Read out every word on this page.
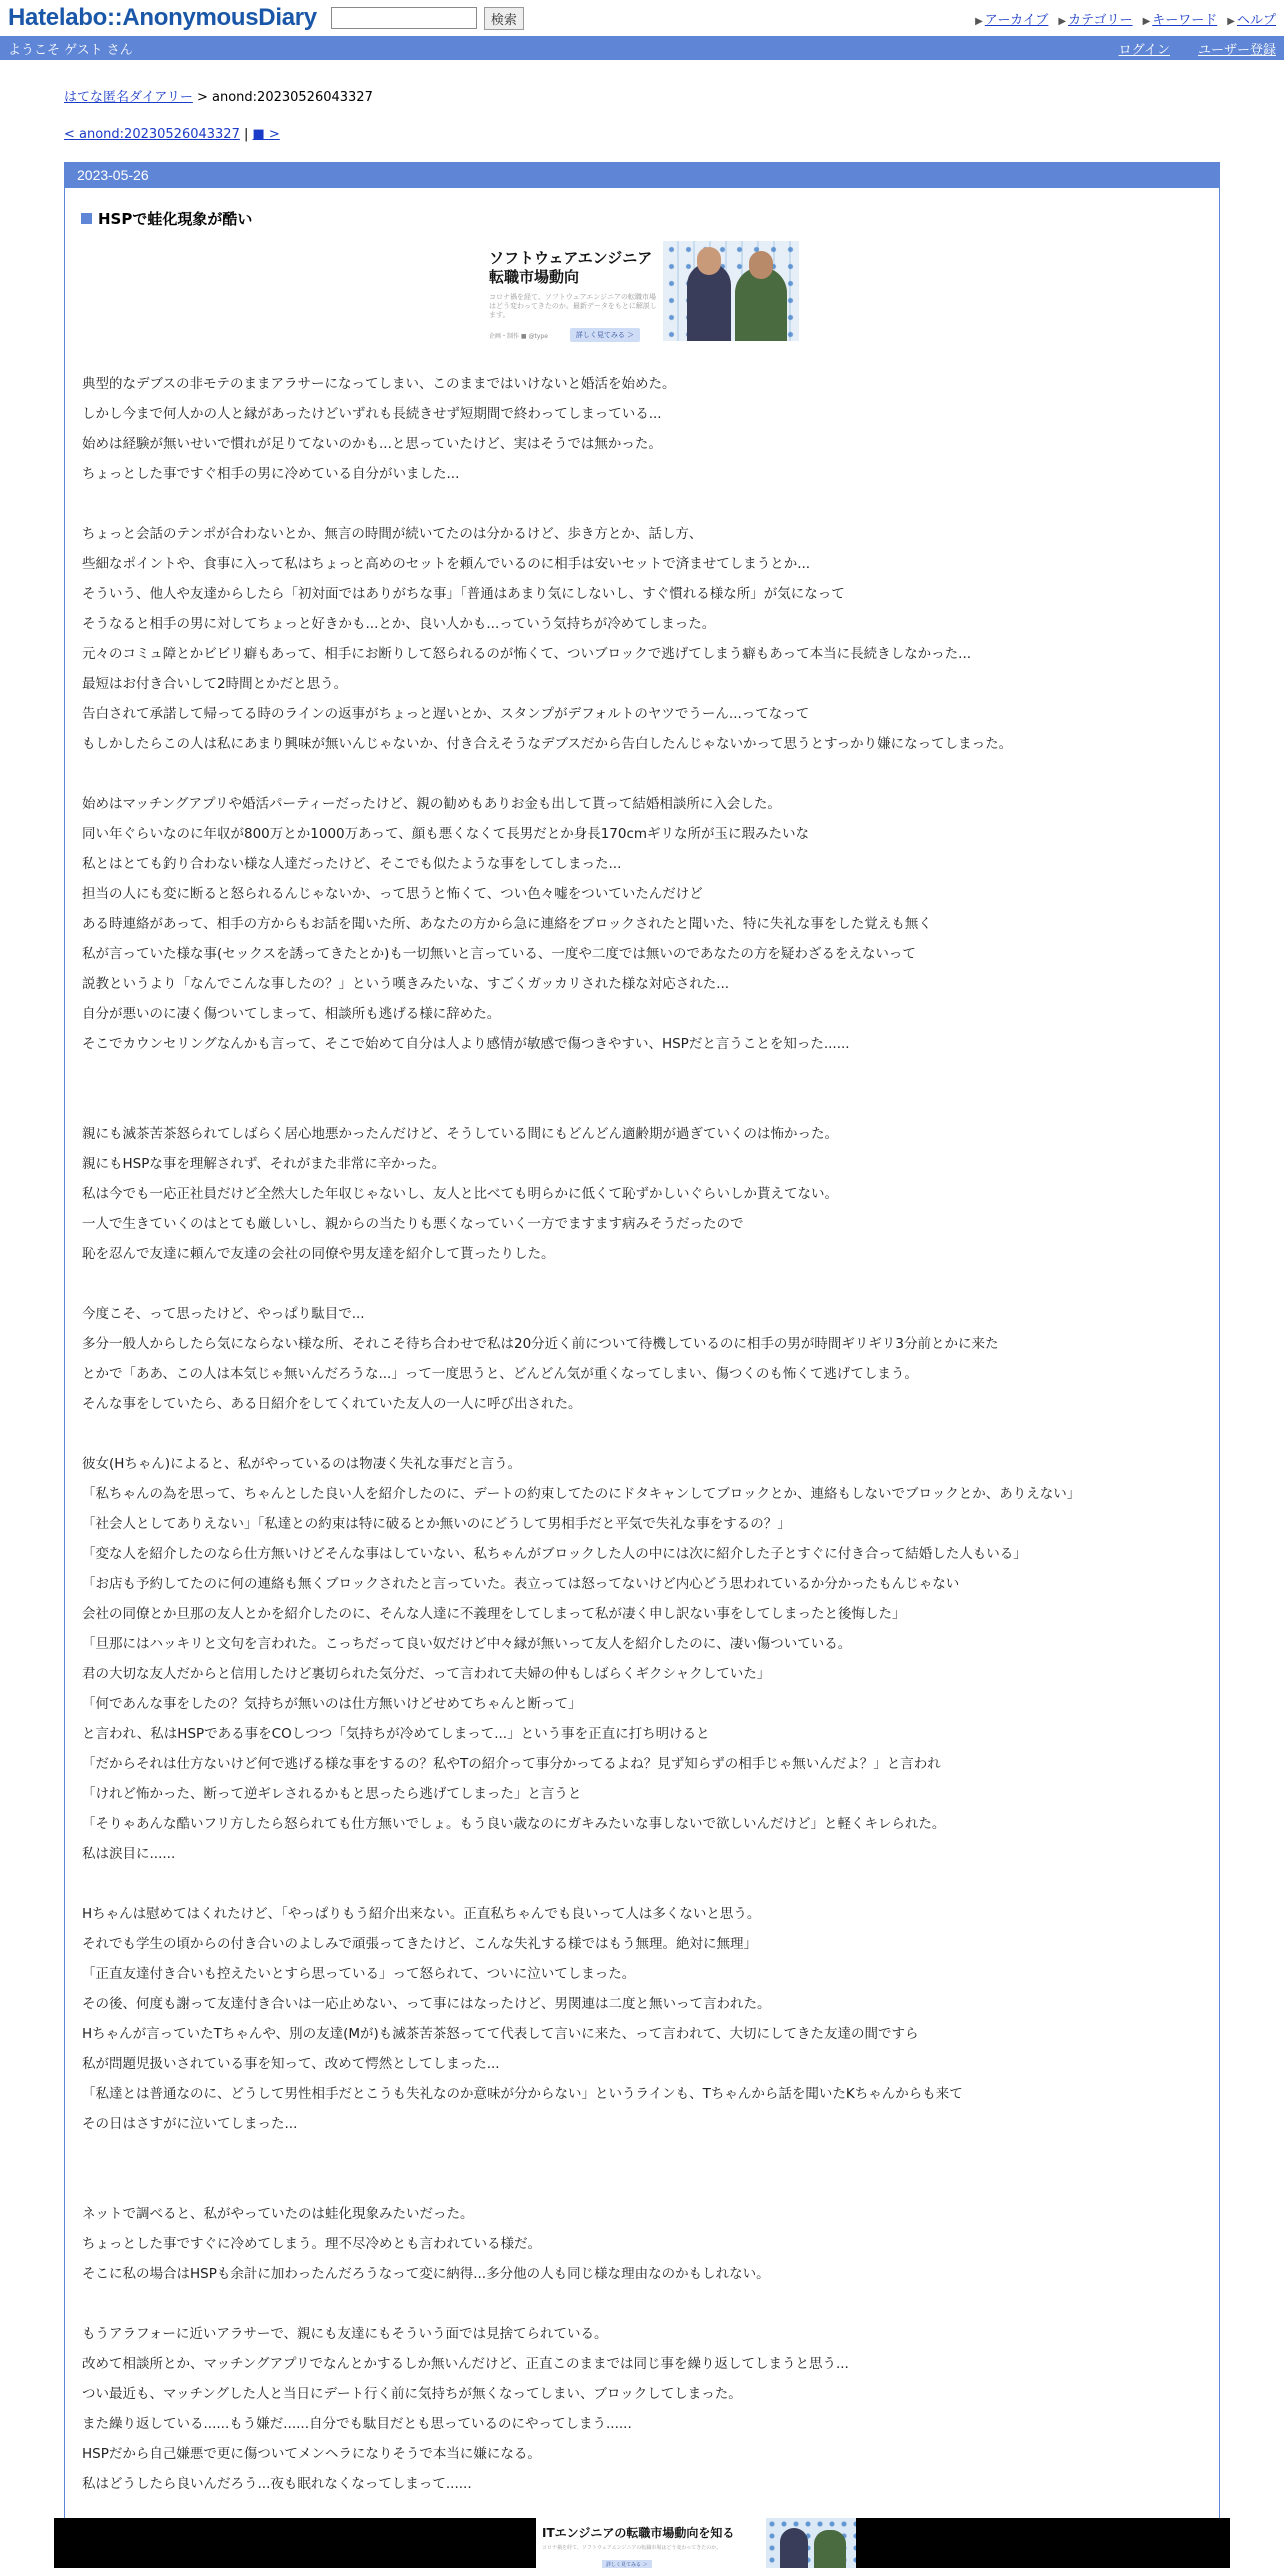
Hatelabo::AnonymousDiary	検索	▶ アーカイブ ▶ カテゴリー ▶ キーワード ▶ ヘルプ
ようこそ ゲスト さん	ログイン ユーザー登録
はてな匿名ダイアリー > anond:20230526043327
< anond:20230526043327 | ■ >
2023-05-26
HSPで蛙化現象が酷い
ソフトウェアエンジニア
転職市場動向
コロナ禍を経て、ソフトウェアエンジニアの転職市場はどう変わってきたのか。最新データをもとに解説します。
企画・制作 ■ @type	詳しく見てみる ＞

典型的なデブスの非モテのままアラサーになってしまい、このままではいけないと婚活を始めた。

しかし今まで何人かの人と縁があったけどいずれも長続きせず短期間で終わってしまっている...

始めは経験が無いせいで慣れが足りてないのかも...と思っていたけど、実はそうでは無かった。

ちょっとした事ですぐ相手の男に冷めている自分がいました...

ちょっと会話のテンポが合わないとか、無言の時間が続いてたのは分かるけど、歩き方とか、話し方、

些細なポイントや、食事に入って私はちょっと高めのセットを頼んでいるのに相手は安いセットで済ませてしまうとか...

そういう、他人や友達からしたら「初対面ではありがちな事」「普通はあまり気にしないし、すぐ慣れる様な所」が気になって

そうなると相手の男に対してちょっと好きかも...とか、良い人かも...っていう気持ちが冷めてしまった。

元々のコミュ障とかビビリ癖もあって、相手にお断りして怒られるのが怖くて、ついブロックで逃げてしまう癖もあって本当に長続きしなかった...

最短はお付き合いして2時間とかだと思う。

告白されて承諾して帰ってる時のラインの返事がちょっと遅いとか、スタンプがデフォルトのヤツでうーん...ってなって

もしかしたらこの人は私にあまり興味が無いんじゃないか、付き合えそうなデブスだから告白したんじゃないかって思うとすっかり嫌になってしまった。

始めはマッチングアプリや婚活パーティーだったけど、親の勧めもありお金も出して貰って結婚相談所に入会した。

同い年ぐらいなのに年収が800万とか1000万あって、顔も悪くなくて長男だとか身長170cmギリな所が玉に瑕みたいな

私とはとても釣り合わない様な人達だったけど、そこでも似たような事をしてしまった...

担当の人にも変に断ると怒られるんじゃないか、って思うと怖くて、つい色々嘘をついていたんだけど

ある時連絡があって、相手の方からもお話を聞いた所、あなたの方から急に連絡をブロックされたと聞いた、特に失礼な事をした覚えも無く

私が言っていた様な事(セックスを誘ってきたとか)も一切無いと言っている、一度や二度では無いのであなたの方を疑わざるをえないって

説教というより「なんでこんな事したの？」という嘆きみたいな、すごくガッカリされた様な対応された...

自分が悪いのに凄く傷ついてしまって、相談所も逃げる様に辞めた。

そこでカウンセリングなんかも言って、そこで始めて自分は人より感情が敏感で傷つきやすい、HSPだと言うことを知った......

親にも滅茶苦茶怒られてしばらく居心地悪かったんだけど、そうしている間にもどんどん適齢期が過ぎていくのは怖かった。

親にもHSPな事を理解されず、それがまた非常に辛かった。

私は今でも一応正社員だけど全然大した年収じゃないし、友人と比べても明らかに低くて恥ずかしいぐらいしか貰えてない。

一人で生きていくのはとても厳しいし、親からの当たりも悪くなっていく一方でますます病みそうだったので

恥を忍んで友達に頼んで友達の会社の同僚や男友達を紹介して貰ったりした。

今度こそ、って思ったけど、やっぱり駄目で...

多分一般人からしたら気にならない様な所、それこそ待ち合わせで私は20分近く前について待機しているのに相手の男が時間ギリギリ3分前とかに来た

とかで「ああ、この人は本気じゃ無いんだろうな...」って一度思うと、どんどん気が重くなってしまい、傷つくのも怖くて逃げてしまう。

そんな事をしていたら、ある日紹介をしてくれていた友人の一人に呼び出された。

彼女(Hちゃん)によると、私がやっているのは物凄く失礼な事だと言う。

「私ちゃんの為を思って、ちゃんとした良い人を紹介したのに、デートの約束してたのにドタキャンしてブロックとか、連絡もしないでブロックとか、ありえない」

「社会人としてありえない」「私達との約束は特に破るとか無いのにどうして男相手だと平気で失礼な事をするの？」

「変な人を紹介したのなら仕方無いけどそんな事はしていない、私ちゃんがブロックした人の中には次に紹介した子とすぐに付き合って結婚した人もいる」

「お店も予約してたのに何の連絡も無くブロックされたと言っていた。表立っては怒ってないけど内心どう思われているか分かったもんじゃない

会社の同僚とか旦那の友人とかを紹介したのに、そんな人達に不義理をしてしまって私が凄く申し訳ない事をしてしまったと後悔した」

「旦那にはハッキリと文句を言われた。こっちだって良い奴だけど中々縁が無いって友人を紹介したのに、凄い傷ついている。

君の大切な友人だからと信用したけど裏切られた気分だ、って言われて夫婦の仲もしばらくギクシャクしていた」

「何であんな事をしたの？気持ちが無いのは仕方無いけどせめてちゃんと断って」

と言われ、私はHSPである事をCOしつつ「気持ちが冷めてしまって...」という事を正直に打ち明けると

「だからそれは仕方ないけど何で逃げる様な事をするの？私やTの紹介って事分かってるよね？見ず知らずの相手じゃ無いんだよ？」と言われ

「けれど怖かった、断って逆ギレされるかもと思ったら逃げてしまった」と言うと

「そりゃあんな酷いフリ方したら怒られても仕方無いでしょ。もう良い歳なのにガキみたいな事しないで欲しいんだけど」と軽くキレられた。

私は涙目に......

Hちゃんは慰めてはくれたけど、「やっぱりもう紹介出来ない。正直私ちゃんでも良いって人は多くないと思う。

それでも学生の頃からの付き合いのよしみで頑張ってきたけど、こんな失礼する様ではもう無理。絶対に無理」

「正直友達付き合いも控えたいとすら思っている」って怒られて、ついに泣いてしまった。

その後、何度も謝って友達付き合いは一応止めない、って事にはなったけど、男関連は二度と無いって言われた。

Hちゃんが言っていたTちゃんや、別の友達(Mが)も滅茶苦茶怒ってて代表して言いに来た、って言われて、大切にしてきた友達の間ですら

私が問題児扱いされている事を知って、改めて愕然としてしまった...

「私達とは普通なのに、どうして男性相手だとこうも失礼なのか意味が分からない」というラインも、Tちゃんから話を聞いたKちゃんからも来て

その日はさすがに泣いてしまった...

ネットで調べると、私がやっていたのは蛙化現象みたいだった。

ちょっとした事ですぐに冷めてしまう。理不尽冷めとも言われている様だ。

そこに私の場合はHSPも余計に加わったんだろうなって変に納得...多分他の人も同じ様な理由なのかもしれない。

もうアラフォーに近いアラサーで、親にも友達にもそういう面では見捨てられている。

改めて相談所とか、マッチングアプリでなんとかするしか無いんだけど、正直このままでは同じ事を繰り返してしまうと思う...

つい最近も、マッチングした人と当日にデート行く前に気持ちが無くなってしまい、ブロックしてしまった。

また繰り返している......もう嫌だ......自分でも駄目だとも思っているのにやってしまう......

HSPだから自己嫌悪で更に傷ついてメンヘラになりそうで本当に嫌になる。

私はどうしたら良いんだろう...夜も眠れなくなってしまって......

ITエンジニアの転職市場動向を知る
コロナ禍を経て、ソフトウェアエンジニアの転職市場はどう変わってきたのか。
詳しく見てみる ＞
